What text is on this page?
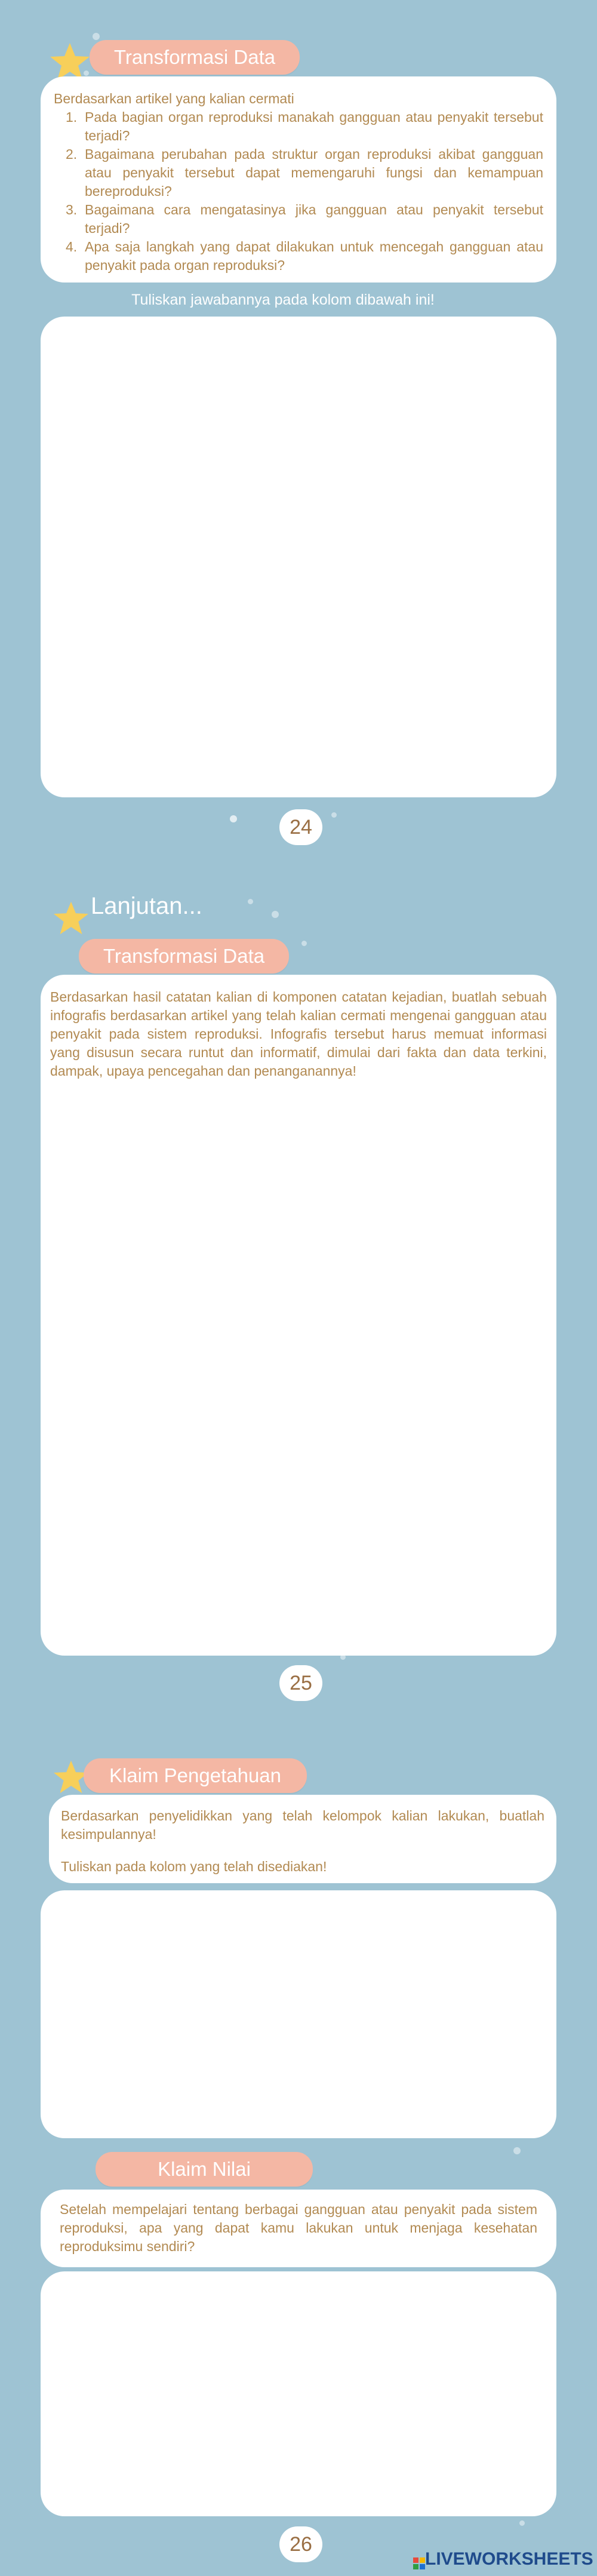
Transformasi Data
Berdasarkan artikel yang kalian cermati
1. Pada bagian organ reproduksi manakah gangguan atau penyakit tersebut terjadi?
2. Bagaimana perubahan pada struktur organ reproduksi akibat gangguan atau penyakit tersebut dapat memengaruhi fungsi dan kemampuan bereproduksi?
3. Bagaimana cara mengatasinya jika gangguan atau penyakit tersebut terjadi?
4. Apa saja langkah yang dapat dilakukan untuk mencegah gangguan atau penyakit pada organ reproduksi?
Tuliskan jawabannya pada kolom dibawah ini!
24
Lanjutan...
Transformasi Data
Berdasarkan hasil catatan kalian di komponen catatan kejadian, buatlah sebuah infografis berdasarkan artikel yang telah kalian cermati mengenai gangguan atau penyakit pada sistem reproduksi. Infografis tersebut harus memuat informasi yang disusun secara runtut dan informatif, dimulai dari fakta dan data terkini, dampak, upaya pencegahan dan penanganannya!
25
Klaim Pengetahuan
Berdasarkan penyelidikkan yang telah kelompok kalian lakukan, buatlah kesimpulannya!
Tuliskan pada kolom yang telah disediakan!
Klaim Nilai
Setelah mempelajari tentang berbagai gangguan atau penyakit pada sistem reproduksi, apa yang dapat kamu lakukan untuk menjaga kesehatan reproduksimu sendiri?
26
LIVEWORKSHEETS
